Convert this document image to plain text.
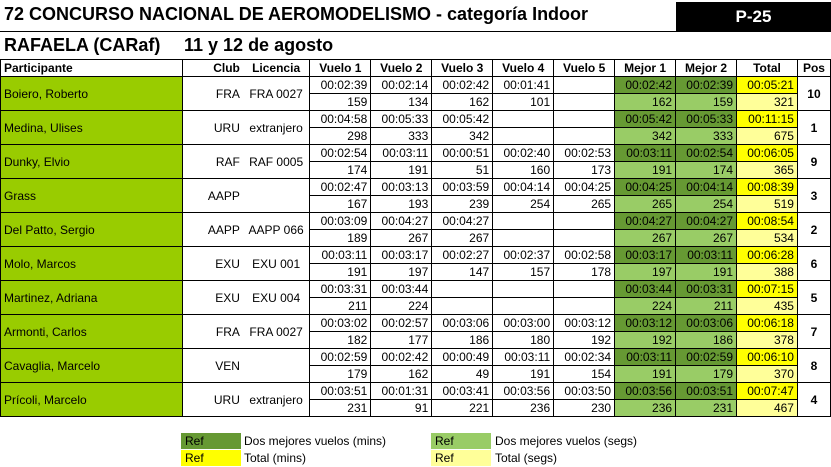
72 CONCURSO NACIONAL DE AEROMODELISMO - categoría Indoor	P-25
RAFAELA (CARaf) 11 y 12 de agosto
Participante	Club	Licencia	Vuelo 1	Vuelo 2	Vuelo 3	Vuelo 4	Vuelo 5	Mejor 1	Mejor 2	Total	Pos
Boiero, Roberto	FRA	FRA 0027	00:02:39	00:02:14	00:02:42	00:01:41		00:02:42	00:02:39	00:05:21	10
			159	134	162	101		162	159	321	
Medina, Ulises	URU	extranjero	00:04:58	00:05:33	00:05:42			00:05:42	00:05:33	00:11:15	1
			298	333	342			342	333	675	
Dunky, Elvio	RAF	RAF 0005	00:02:54	00:03:11	00:00:51	00:02:40	00:02:53	00:03:11	00:02:54	00:06:05	9
			174	191	51	160	173	191	174	365	
Grass	AAPP		00:02:47	00:03:13	00:03:59	00:04:14	00:04:25	00:04:25	00:04:14	00:08:39	3
			167	193	239	254	265	265	254	519	
Del Patto, Sergio	AAPP	AAPP 066	00:03:09	00:04:27	00:04:27			00:04:27	00:04:27	00:08:54	2
			189	267	267			267	267	534	
Molo, Marcos	EXU	EXU 001	00:03:11	00:03:17	00:02:27	00:02:37	00:02:58	00:03:17	00:03:11	00:06:28	6
			191	197	147	157	178	197	191	388	
Martinez, Adriana	EXU	EXU 004	00:03:31	00:03:44				00:03:44	00:03:31	00:07:15	5
			211	224				224	211	435	
Armonti, Carlos	FRA	FRA 0027	00:03:02	00:02:57	00:03:06	00:03:00	00:03:12	00:03:12	00:03:06	00:06:18	7
			182	177	186	180	192	192	186	378	
Cavaglia, Marcelo	VEN		00:02:59	00:02:42	00:00:49	00:03:11	00:02:34	00:03:11	00:02:59	00:06:10	8
			179	162	49	191	154	191	179	370	
Prícoli, Marcelo	URU	extranjero	00:03:51	00:01:31	00:03:41	00:03:56	00:03:50	00:03:56	00:03:51	00:07:47	4
			231	91	221	236	230	236	231	467	
Ref	Dos mejores vuelos (mins)	Ref	Dos mejores vuelos (segs)
Ref	Total (mins)	Ref	Total (segs)
